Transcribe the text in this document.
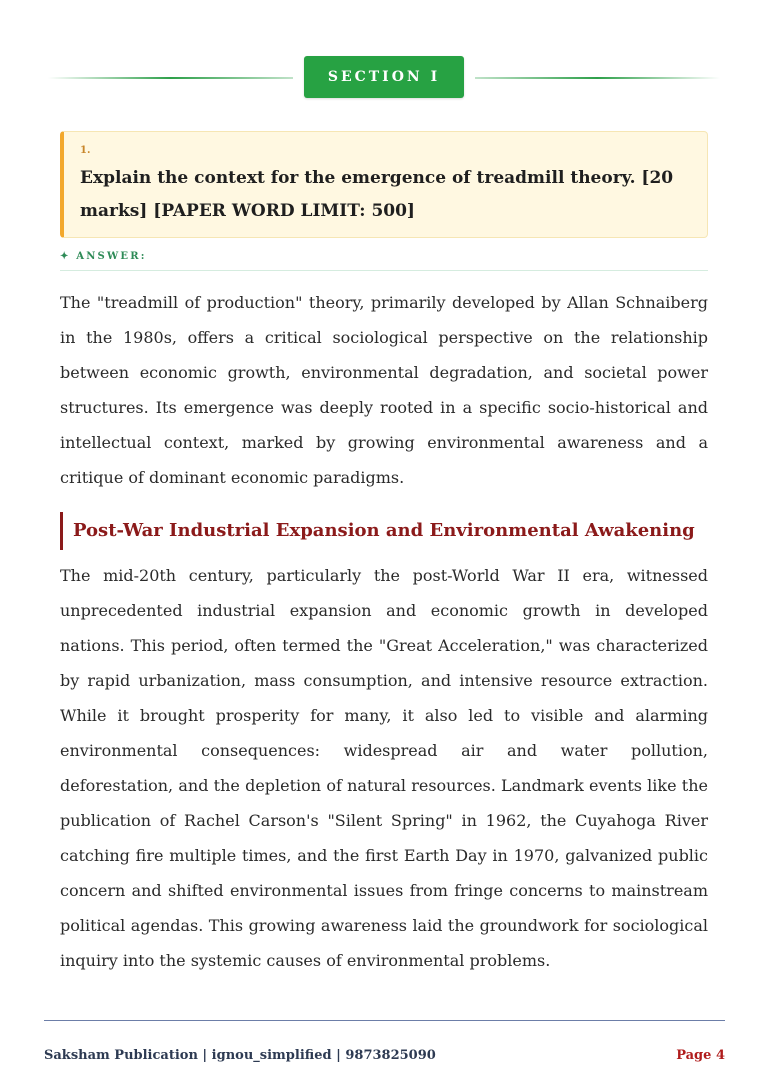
SECTION I
1.
Explain the context for the emergence of treadmill theory. [20 marks] [PAPER WORD LIMIT: 500]
✦ ANSWER:

The "treadmill of production" theory, primarily developed by Allan Schnaiberg in the 1980s, offers a critical sociological perspective on the relationship between economic growth, environmental degradation, and societal power structures. Its emergence was deeply rooted in a specific socio-historical and intellectual context, marked by growing environmental awareness and a critique of dominant economic paradigms.

Post-War Industrial Expansion and Environmental Awakening

The mid-20th century, particularly the post-World War II era, witnessed unprecedented industrial expansion and economic growth in developed nations. This period, often termed the "Great Acceleration," was characterized by rapid urbanization, mass consumption, and intensive resource extraction. While it brought prosperity for many, it also led to visible and alarming environmental consequences: widespread air and water pollution, deforestation, and the depletion of natural resources. Landmark events like the publication of Rachel Carson's "Silent Spring" in 1962, the Cuyahoga River catching fire multiple times, and the first Earth Day in 1970, galvanized public concern and shifted environmental issues from fringe concerns to mainstream political agendas. This growing awareness laid the groundwork for sociological inquiry into the systemic causes of environmental problems.

Saksham Publication | ignou_simplified | 9873825090	Page 4
